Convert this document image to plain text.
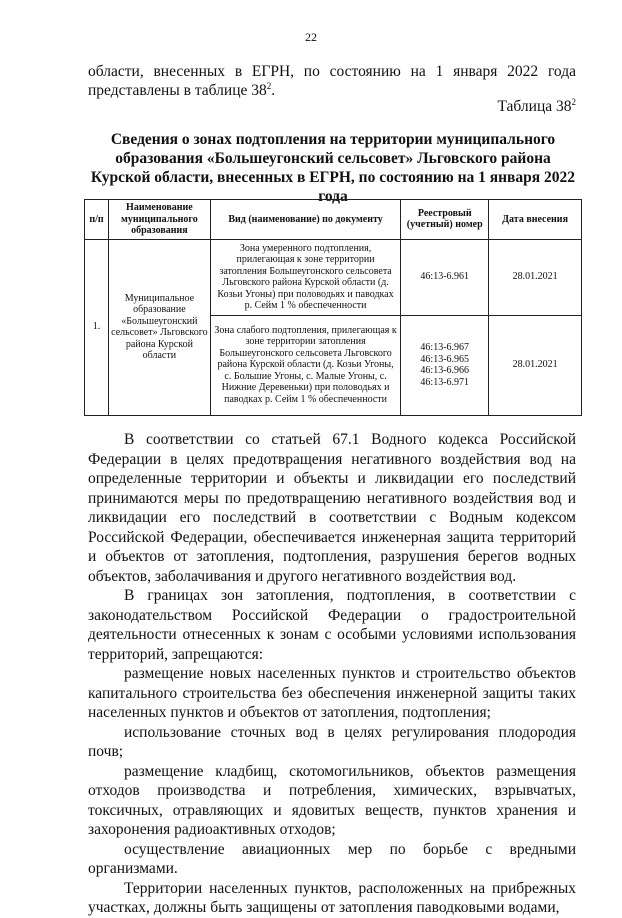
22
области, внесенных в ЕГРН, по состоянию на 1 января 2022 года
представлены в таблице $38^2$.
Таблица $38^2$
Сведения о зонах подтопления на территории муниципального образования «Большеугонский сельсовет» Льговского района Курской области, внесенных в ЕГРН, по состоянию на 1 января 2022 года
п/п	Наименование муниципального образования	Вид (наименование) по документу	Реестровый (учетный) номер	Дата внесения
1.	Муниципальное образование «Большеугонский сельсовет» Льговского района Курской области	Зона умеренного подтопления, прилегающая к зоне территории затопления Большеугонского сельсовета Льговского района Курской области (д. Козьи Угоны) при половодьях и паводках р. Сейм 1 % обеспеченности	46:13-6.961	28.01.2021
		Зона слабого подтопления, прилегающая к зоне территории затопления Большеугонского сельсовета Льговского района Курской области (д. Козьи Угоны, с. Большие Угоны, с. Малые Угоны, с. Нижние Деревеньки) при половодьях и паводках р. Сейм 1 % обеспеченности	46:13-6.967 46:13-6.965 46:13-6.966 46:13-6.971	28.01.2021

В соответствии со статьей 67.1 Водного кодекса Российской Федерации в целях предотвращения негативного воздействия вод на определенные территории и объекты и ликвидации его последствий принимаются меры по предотвращению негативного воздействия вод и ликвидации его последствий в соответствии с Водным кодексом Российской Федерации, обеспечивается инженерная защита территорий и объектов от затопления, подтопления, разрушения берегов водных объектов, заболачивания и другого негативного воздействия вод.

В границах зон затопления, подтопления, в соответствии с законодательством Российской Федерации о градостроительной деятельности отнесенных к зонам с особыми условиями использования территорий, запрещаются:

размещение новых населенных пунктов и строительство объектов капитального строительства без обеспечения инженерной защиты таких населенных пунктов и объектов от затопления, подтопления;

использование сточных вод в целях регулирования плодородия почв;

размещение кладбищ, скотомогильников, объектов размещения отходов производства и потребления, химических, взрывчатых, токсичных, отравляющих и ядовитых веществ, пунктов хранения и захоронения радиоактивных отходов;

осуществление авиационных мер по борьбе с вредными организмами.

Территории населенных пунктов, расположенных на прибрежных участках, должны быть защищены от затопления паводковыми водами,
